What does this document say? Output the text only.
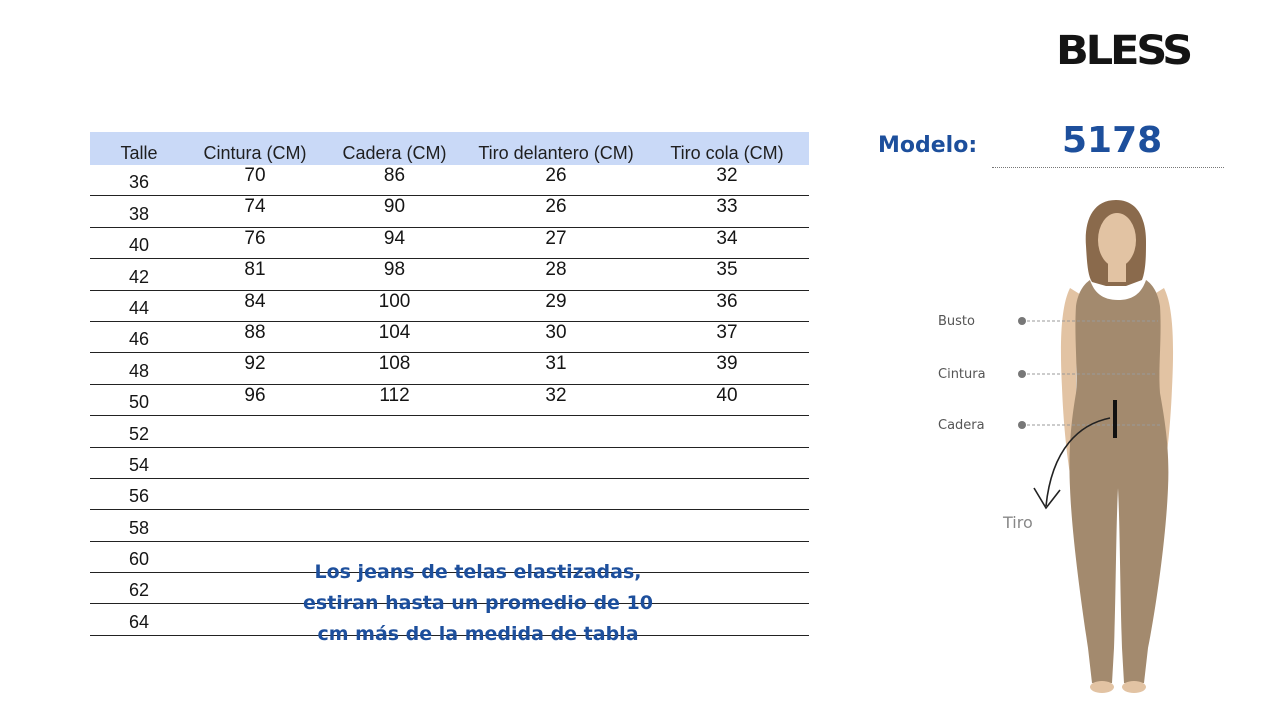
BLESS
Modelo: 5178
Talle	Cintura (CM)	Cadera (CM)	Tiro delantero (CM)	Tiro cola (CM)
36	70	86	26	32
38	74	90	26	33
40	76	94	27	34
42	81	98	28	35
44	84	100	29	36
46	88	104	30	37
48	92	108	31	39
50	96	112	32	40
52
54
56
58
60
62
64
Los jeans de telas elastizadas,
estiran hasta un promedio de 10
cm más de la medida de tabla
Busto
Cintura
Cadera
Tiro
